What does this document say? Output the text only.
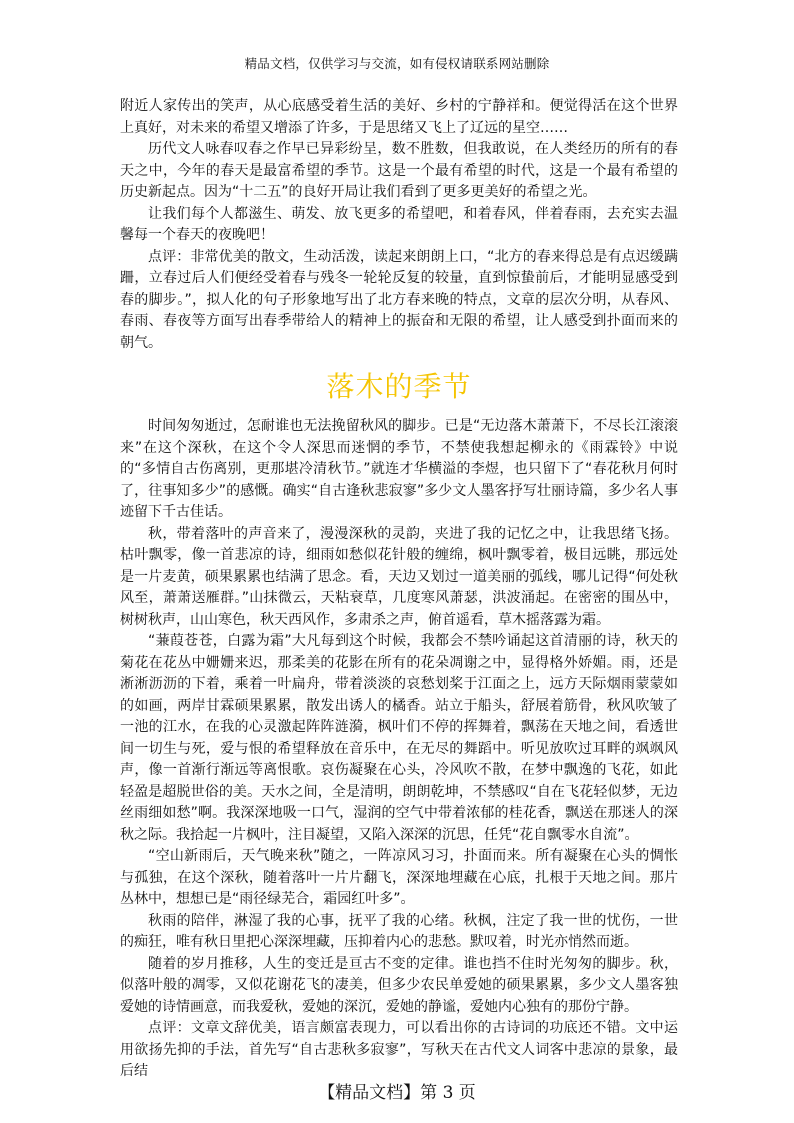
精品文档，仅供学习与交流，如有侵权请联系网站删除

附近人家传出的笑声，从心底感受着生活的美好、乡村的宁静祥和。便觉得活在这个世界上真好，对未来的希望又增添了许多，于是思绪又飞上了辽远的星空……

历代文人咏春叹春之作早已异彩纷呈，数不胜数，但我敢说，在人类经历的所有的春天之中，今年的春天是最富希望的季节。这是一个最有希望的时代，这是一个最有希望的历史新起点。因为“十二五”的良好开局让我们看到了更多更美好的希望之光。

让我们每个人都滋生、萌发、放飞更多的希望吧，和着春风，伴着春雨，去充实去温馨每一个春天的夜晚吧！

点评：非常优美的散文，生动活泼，读起来朗朗上口，“北方的春来得总是有点迟缓蹒跚，立春过后人们便经受着春与残冬一轮轮反复的较量，直到惊蛰前后，才能明显感受到春的脚步。”，拟人化的句子形象地写出了北方春来晚的特点，文章的层次分明，从春风、春雨、春夜等方面写出春季带给人的精神上的振奋和无限的希望，让人感受到扑面而来的朝气。

落木的季节

时间匆匆逝过，怎耐谁也无法挽留秋风的脚步。已是“无边落木萧萧下，不尽长江滚滚来”在这个深秋，在这个令人深思而迷惘的季节，不禁使我想起柳永的《雨霖铃》中说的“多情自古伤离别，更那堪冷清秋节。”就连才华横溢的李煜，也只留下了“春花秋月何时了，往事知多少”的感慨。确实“自古逢秋悲寂寥”多少文人墨客抒写壮丽诗篇，多少名人事迹留下千古佳话。

秋，带着落叶的声音来了，漫漫深秋的灵韵，夹进了我的记忆之中，让我思绪飞扬。枯叶飘零，像一首悲凉的诗，细雨如愁似花针般的缠绵，枫叶飘零着，极目远眺，那远处是一片麦黄，硕果累累也结满了思念。看，天边又划过一道美丽的弧线，哪儿记得“何处秋风至，萧萧送雁群。”山抹微云，天粘衰草，几度寒风萧瑟，洪波涌起。在密密的围丛中，树树秋声，山山寒色，秋天西风作，多肃杀之声，俯首遥看，草木摇落露为霜。

“蒹葭苍苍，白露为霜”大凡每到这个时候，我都会不禁吟诵起这首清丽的诗，秋天的菊花在花丛中姗姗来迟，那柔美的花影在所有的花朵凋谢之中，显得格外娇媚。雨，还是淅淅沥沥的下着，乘着一叶扁舟，带着淡淡的哀愁划桨于江面之上，远方天际烟雨蒙蒙如的如画，两岸甘霖硕果累累，散发出诱人的橘香。站立于船头，舒展着筋骨，秋风吹皱了一池的江水，在我的心灵激起阵阵涟漪，枫叶们不停的挥舞着，飘荡在天地之间，看透世间一切生与死，爱与恨的希望释放在音乐中，在无尽的舞蹈中。听见放吹过耳畔的飒飒风声，像一首渐行渐远等离恨歌。哀伤凝聚在心头，冷风吹不散，在梦中飘逸的飞花，如此轻盈是超脱世俗的美。天水之间，全是清明，朗朗乾坤，不禁感叹“自在飞花轻似梦，无边丝雨细如愁”啊。我深深地吸一口气，湿润的空气中带着浓郁的桂花香，飘送在那迷人的深秋之际。我拾起一片枫叶，注目凝望，又陷入深深的沉思，任凭“花自飘零水自流”。

“空山新雨后，天气晚来秋”随之，一阵凉风习习，扑面而来。所有凝聚在心头的惆怅与孤独，在这个深秋，随着落叶一片片翻飞，深深地埋藏在心底，扎根于天地之间。那片丛林中，想想已是“雨径绿芜合，霜园红叶多”。

秋雨的陪伴，淋湿了我的心事，抚平了我的心绪。秋枫，注定了我一世的忧伤，一世的痴狂，唯有秋日里把心深深埋藏，压抑着内心的悲愁。默叹着，时光亦悄然而逝。

随着的岁月推移，人生的变迁是亘古不变的定律。谁也挡不住时光匆匆的脚步。秋，似落叶般的凋零，又似花谢花飞的凄美，但多少农民单爱她的硕果累累，多少文人墨客独爱她的诗情画意，而我爱秋，爱她的深沉，爱她的静谧，爱她内心独有的那份宁静。

点评：文章文辞优美，语言颇富表现力，可以看出你的古诗词的功底还不错。文中运用欲扬先抑的手法，首先写“自古悲秋多寂寥”，写秋天在古代文人词客中悲凉的景象，最后结

【精品文档】第 3 页
